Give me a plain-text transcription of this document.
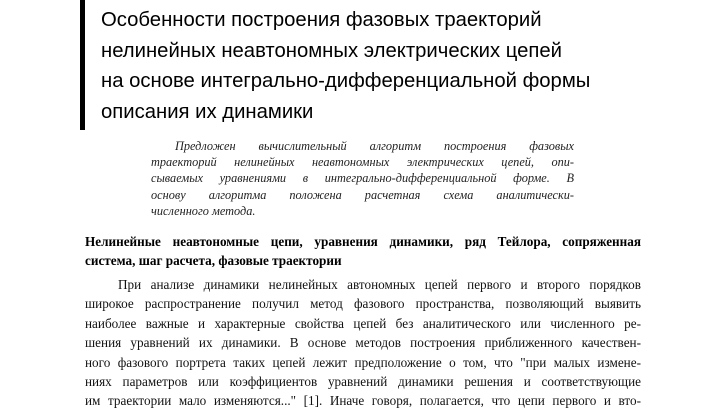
Особенности построения фазовых траекторий
нелинейных неавтономных электрических цепей
на основе интегрально-дифференциальной формы
описания их динамики
Предложен вычислительный алгоритм построения фазовых
траекторий нелинейных неавтономных электрических цепей, опи-
сываемых уравнениями в интегрально-дифференциальной форме. В
основу алгоритма положена расчетная схема аналитически-
численного метода.
Нелинейные неавтономные цепи, уравнения динамики, ряд Тейлора, сопряженная
система, шаг расчета, фазовые траектории
При анализе динамики нелинейных автономных цепей первого и второго порядков
широкое распространение получил метод фазового пространства, позволяющий выявить
наиболее важные и характерные свойства цепей без аналитического или численного ре-
шения уравнений их динамики. В основе методов построения приближенного качествен-
ного фазового портрета таких цепей лежит предположение о том, что "при малых измене-
ниях параметров или коэффициентов уравнений динамики решения и соответствующие
им траектории мало изменяются..." [1]. Иначе говоря, полагается, что цепи первого и вто-
